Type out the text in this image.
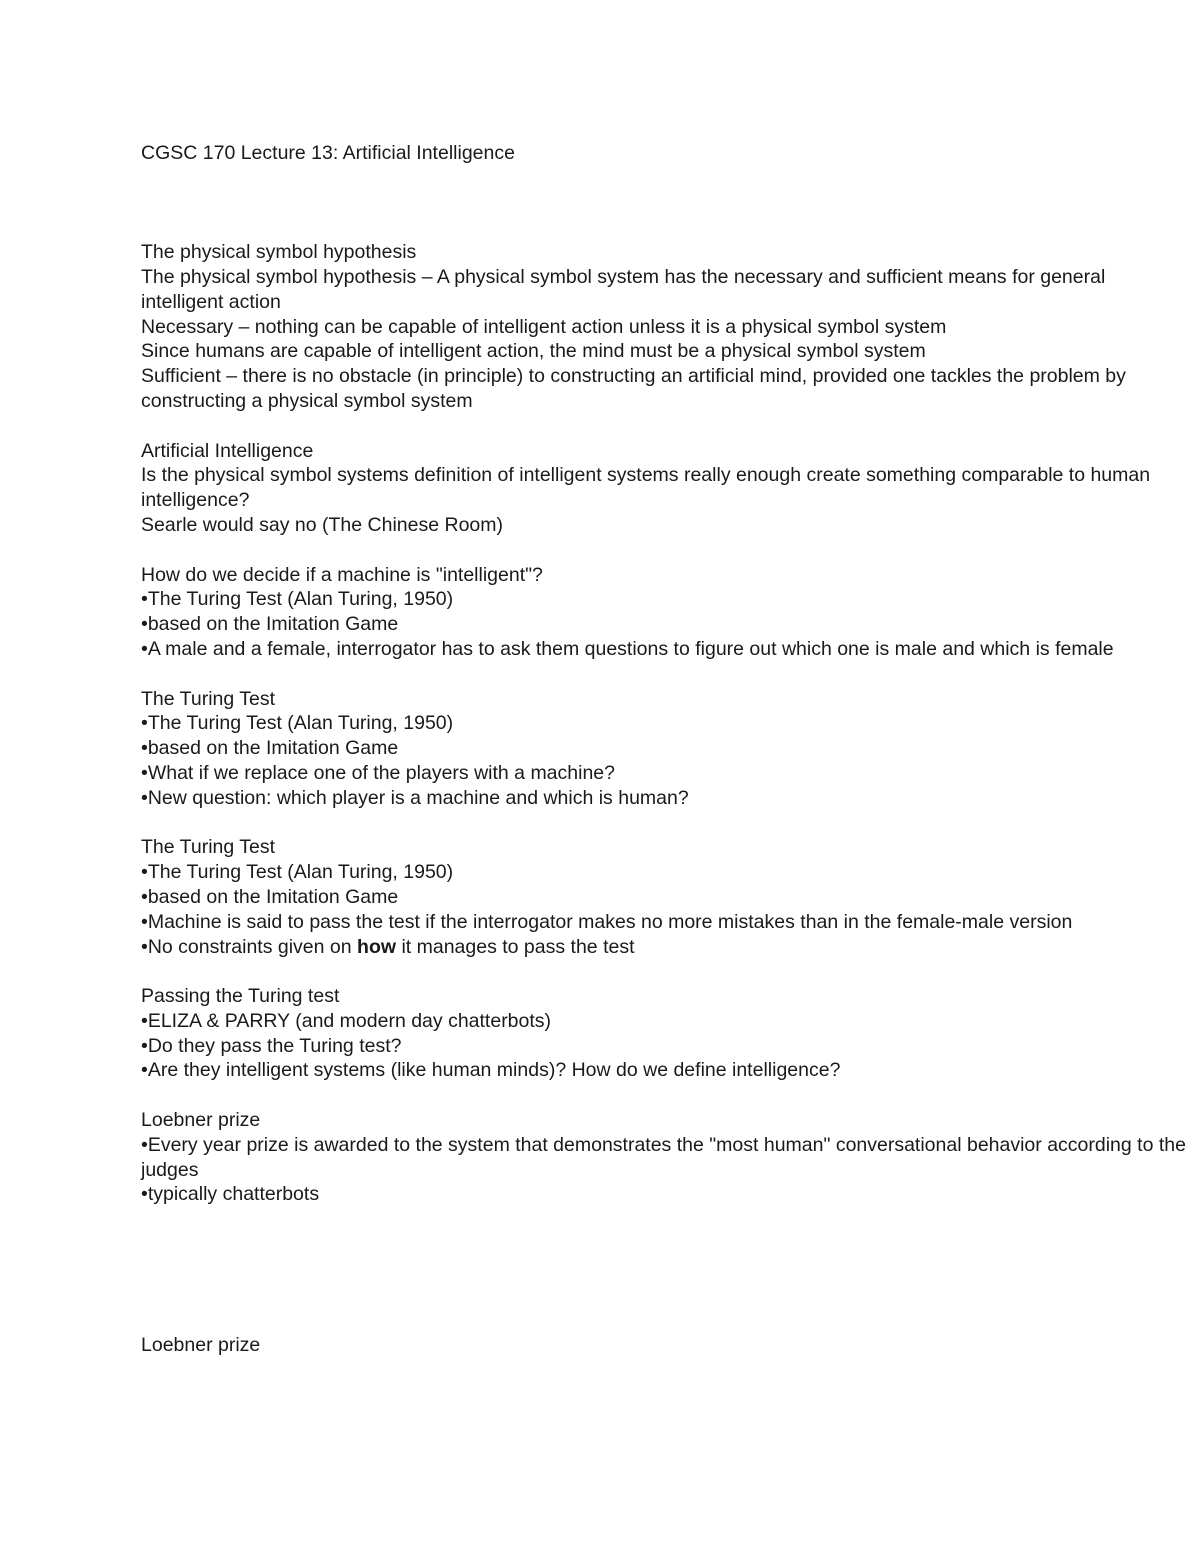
CGSC 170 Lecture 13: Artificial Intelligence
The physical symbol hypothesis

The physical symbol hypothesis – A physical symbol system has the necessary and sufficient means for general intelligent action

Necessary – nothing can be capable of intelligent action unless it is a physical symbol system

Since humans are capable of intelligent action, the mind must be a physical symbol system

Sufficient – there is no obstacle (in principle) to constructing an artificial mind, provided one tackles the problem by constructing a physical symbol system

Artificial Intelligence

Is the physical symbol systems definition of intelligent systems really enough create something comparable to human intelligence?

Searle would say no (The Chinese Room)

How do we decide if a machine is "intelligent"?

• The Turing Test (Alan Turing, 1950)

• based on the Imitation Game

• A male and a female, interrogator has to ask them questions to figure out which one is male and which is female

The Turing Test

• The Turing Test (Alan Turing, 1950)

• based on the Imitation Game

• What if we replace one of the players with a machine?

• New question: which player is a machine and which is human?

The Turing Test

• The Turing Test (Alan Turing, 1950)

• based on the Imitation Game

• Machine is said to pass the test if the interrogator makes no more mistakes than in the female-male version

• No constraints given on how it manages to pass the test

Passing the Turing test

• ELIZA & PARRY (and modern day chatterbots)

• Do they pass the Turing test?

• Are they intelligent systems (like human minds)? How do we define intelligence?

Loebner prize

• Every year prize is awarded to the system that demonstrates the "most human" conversational behavior according to the judges

• typically chatterbots

Loebner prize
